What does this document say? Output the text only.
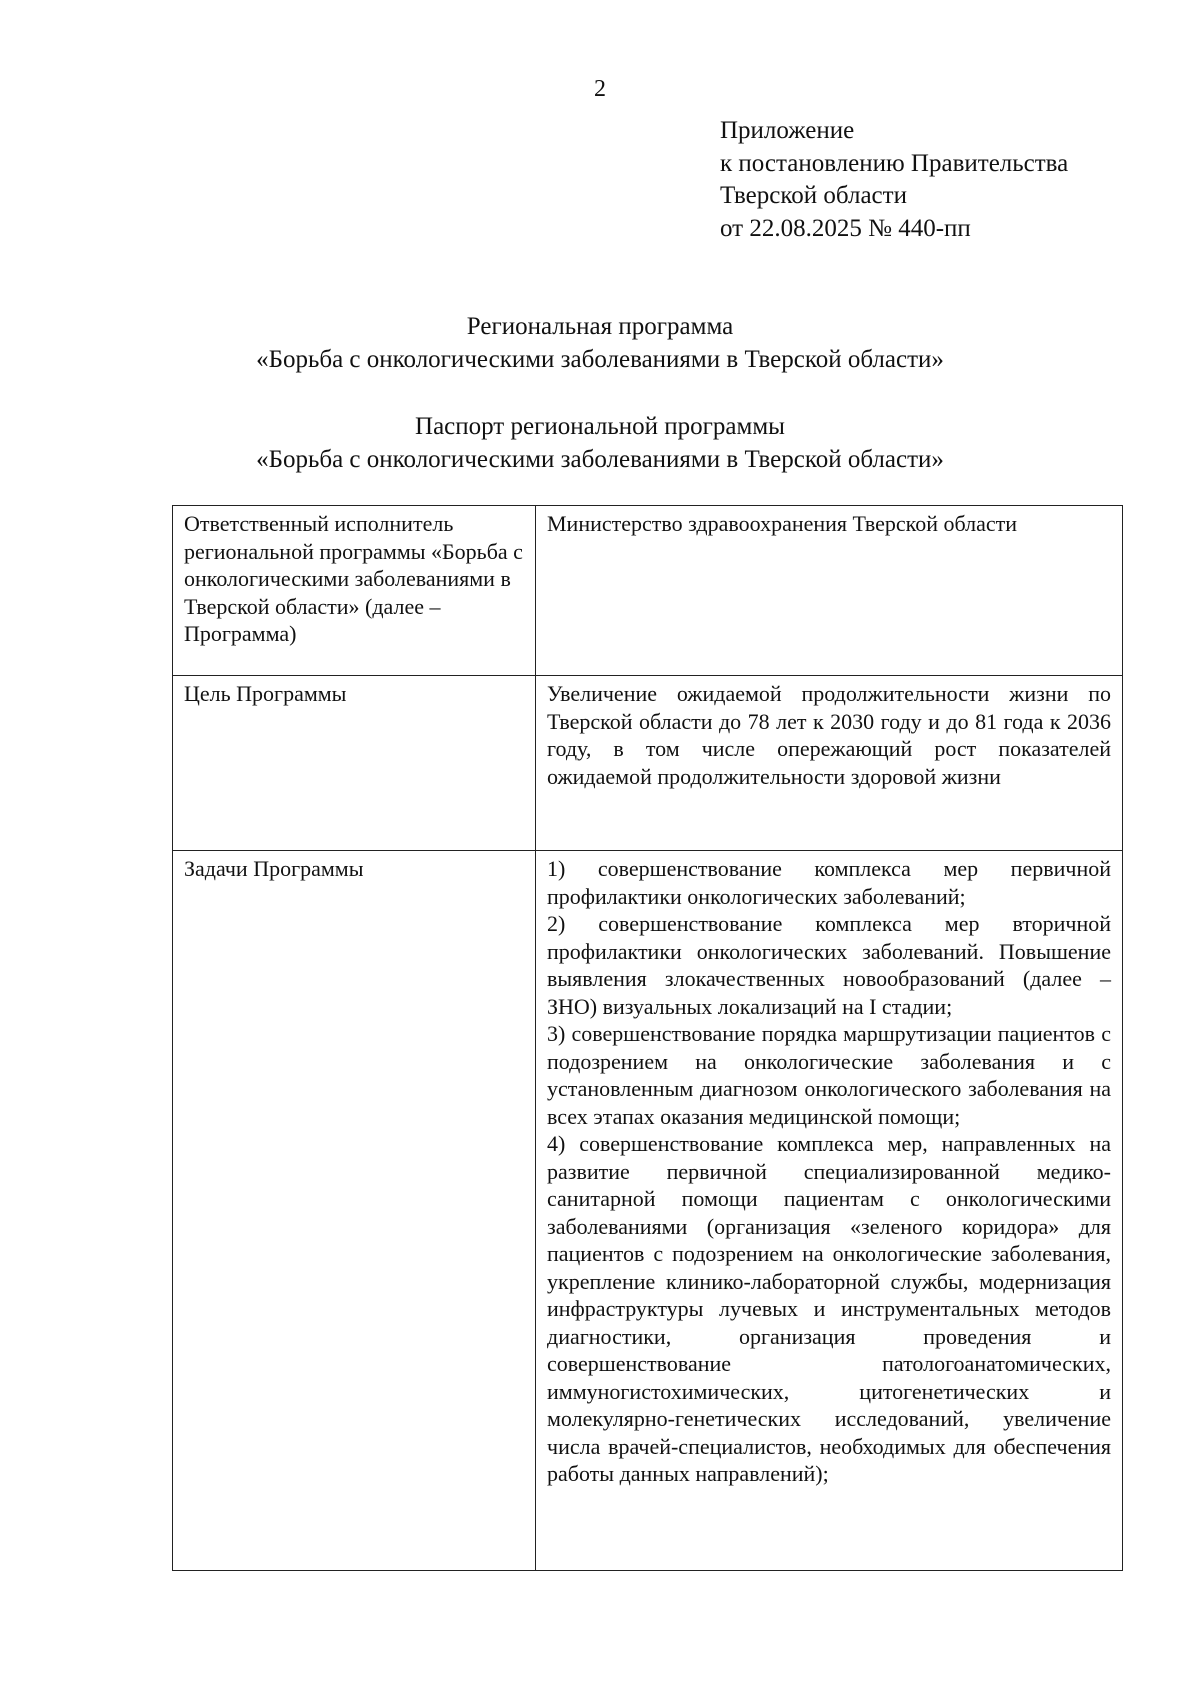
2
Приложение
к постановлению Правительства
Тверской области
от 22.08.2025 № 440-пп
Региональная программа
«Борьба с онкологическими заболеваниями в Тверской области»
Паспорт региональной программы
«Борьба с онкологическими заболеваниями в Тверской области»
Ответственный исполнитель региональной программы «Борьба с онкологическими заболеваниями в Тверской области» (далее – Программа)	Министерство здравоохранения Тверской области
Цель Программы	Увеличение ожидаемой продолжительности жизни по Тверской области до 78 лет к 2030 году и до 81 года к 2036 году, в том числе опережающий рост показателей ожидаемой продолжительности здоровой жизни
Задачи Программы	1) совершенствование комплекса мер первичной профилактики онкологических заболеваний;
2) совершенствование комплекса мер вторичной профилактики онкологических заболеваний. Повышение выявления злокачественных новообразований (далее – ЗНО) визуальных локализаций на I стадии;
3) совершенствование порядка маршрутизации пациентов с подозрением на онкологические заболевания и с установленным диагнозом онкологического заболевания на всех этапах оказания медицинской помощи;
4) совершенствование комплекса мер, направленных на развитие первичной специализированной медико-санитарной помощи пациентам с онкологическими заболеваниями (организация «зеленого коридора» для пациентов с подозрением на онкологические заболевания, укрепление клинико-лабораторной службы, модернизация инфраструктуры лучевых и инструментальных методов диагностики, организация проведения и совершенствование патологоанатомических, иммуногистохимических, цитогенетических и молекулярно-генетических исследований, увеличение числа врачей-специалистов, необходимых для обеспечения работы данных направлений);
